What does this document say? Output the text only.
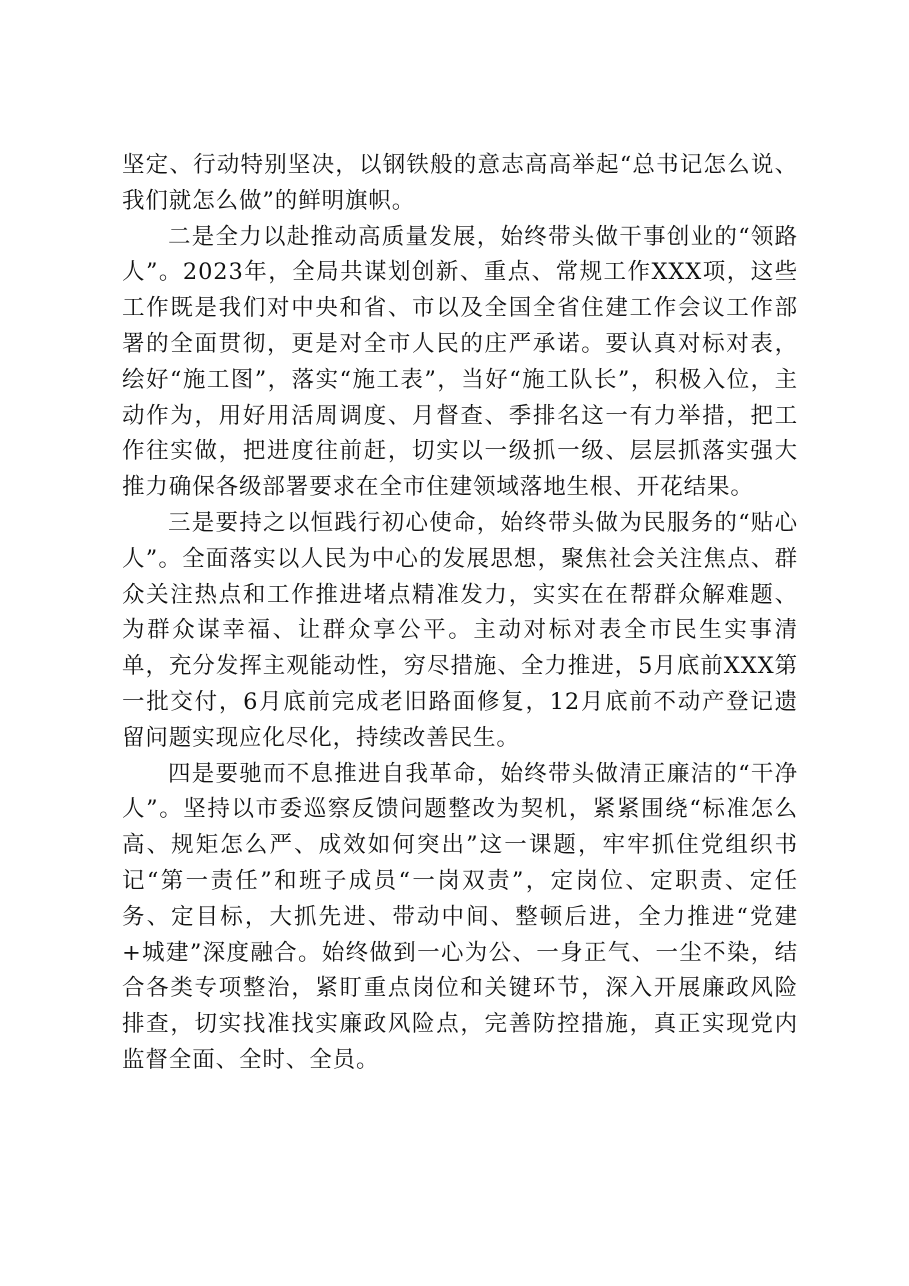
坚定、行动特别坚决，以钢铁般的意志高高举起“总书记怎么说、我们就怎么做”的鲜明旗帜。

二是全力以赴推动高质量发展，始终带头做干事创业的“领路人”。2023年，全局共谋划创新、重点、常规工作XXX项，这些工作既是我们对中央和省、市以及全国全省住建工作会议工作部署的全面贯彻，更是对全市人民的庄严承诺。要认真对标对表，绘好“施工图”，落实“施工表”，当好“施工队长”，积极入位，主动作为，用好用活周调度、月督查、季排名这一有力举措，把工作往实做，把进度往前赶，切实以一级抓一级、层层抓落实强大推力确保各级部署要求在全市住建领域落地生根、开花结果。

三是要持之以恒践行初心使命，始终带头做为民服务的“贴心人”。全面落实以人民为中心的发展思想，聚焦社会关注焦点、群众关注热点和工作推进堵点精准发力，实实在在帮群众解难题、为群众谋幸福、让群众享公平。主动对标对表全市民生实事清单，充分发挥主观能动性，穷尽措施、全力推进，5月底前XXX第一批交付，6月底前完成老旧路面修复，12月底前不动产登记遗留问题实现应化尽化，持续改善民生。

四是要驰而不息推进自我革命，始终带头做清正廉洁的“干净人”。坚持以市委巡察反馈问题整改为契机，紧紧围绕“标准怎么高、规矩怎么严、成效如何突出”这一课题，牢牢抓住党组织书记“第一责任”和班子成员“一岗双责”，定岗位、定职责、定任务、定目标，大抓先进、带动中间、整顿后进，全力推进“党建+城建”深度融合。始终做到一心为公、一身正气、一尘不染，结合各类专项整治，紧盯重点岗位和关键环节，深入开展廉政风险排查，切实找准找实廉政风险点，完善防控措施，真正实现党内监督全面、全时、全员。
